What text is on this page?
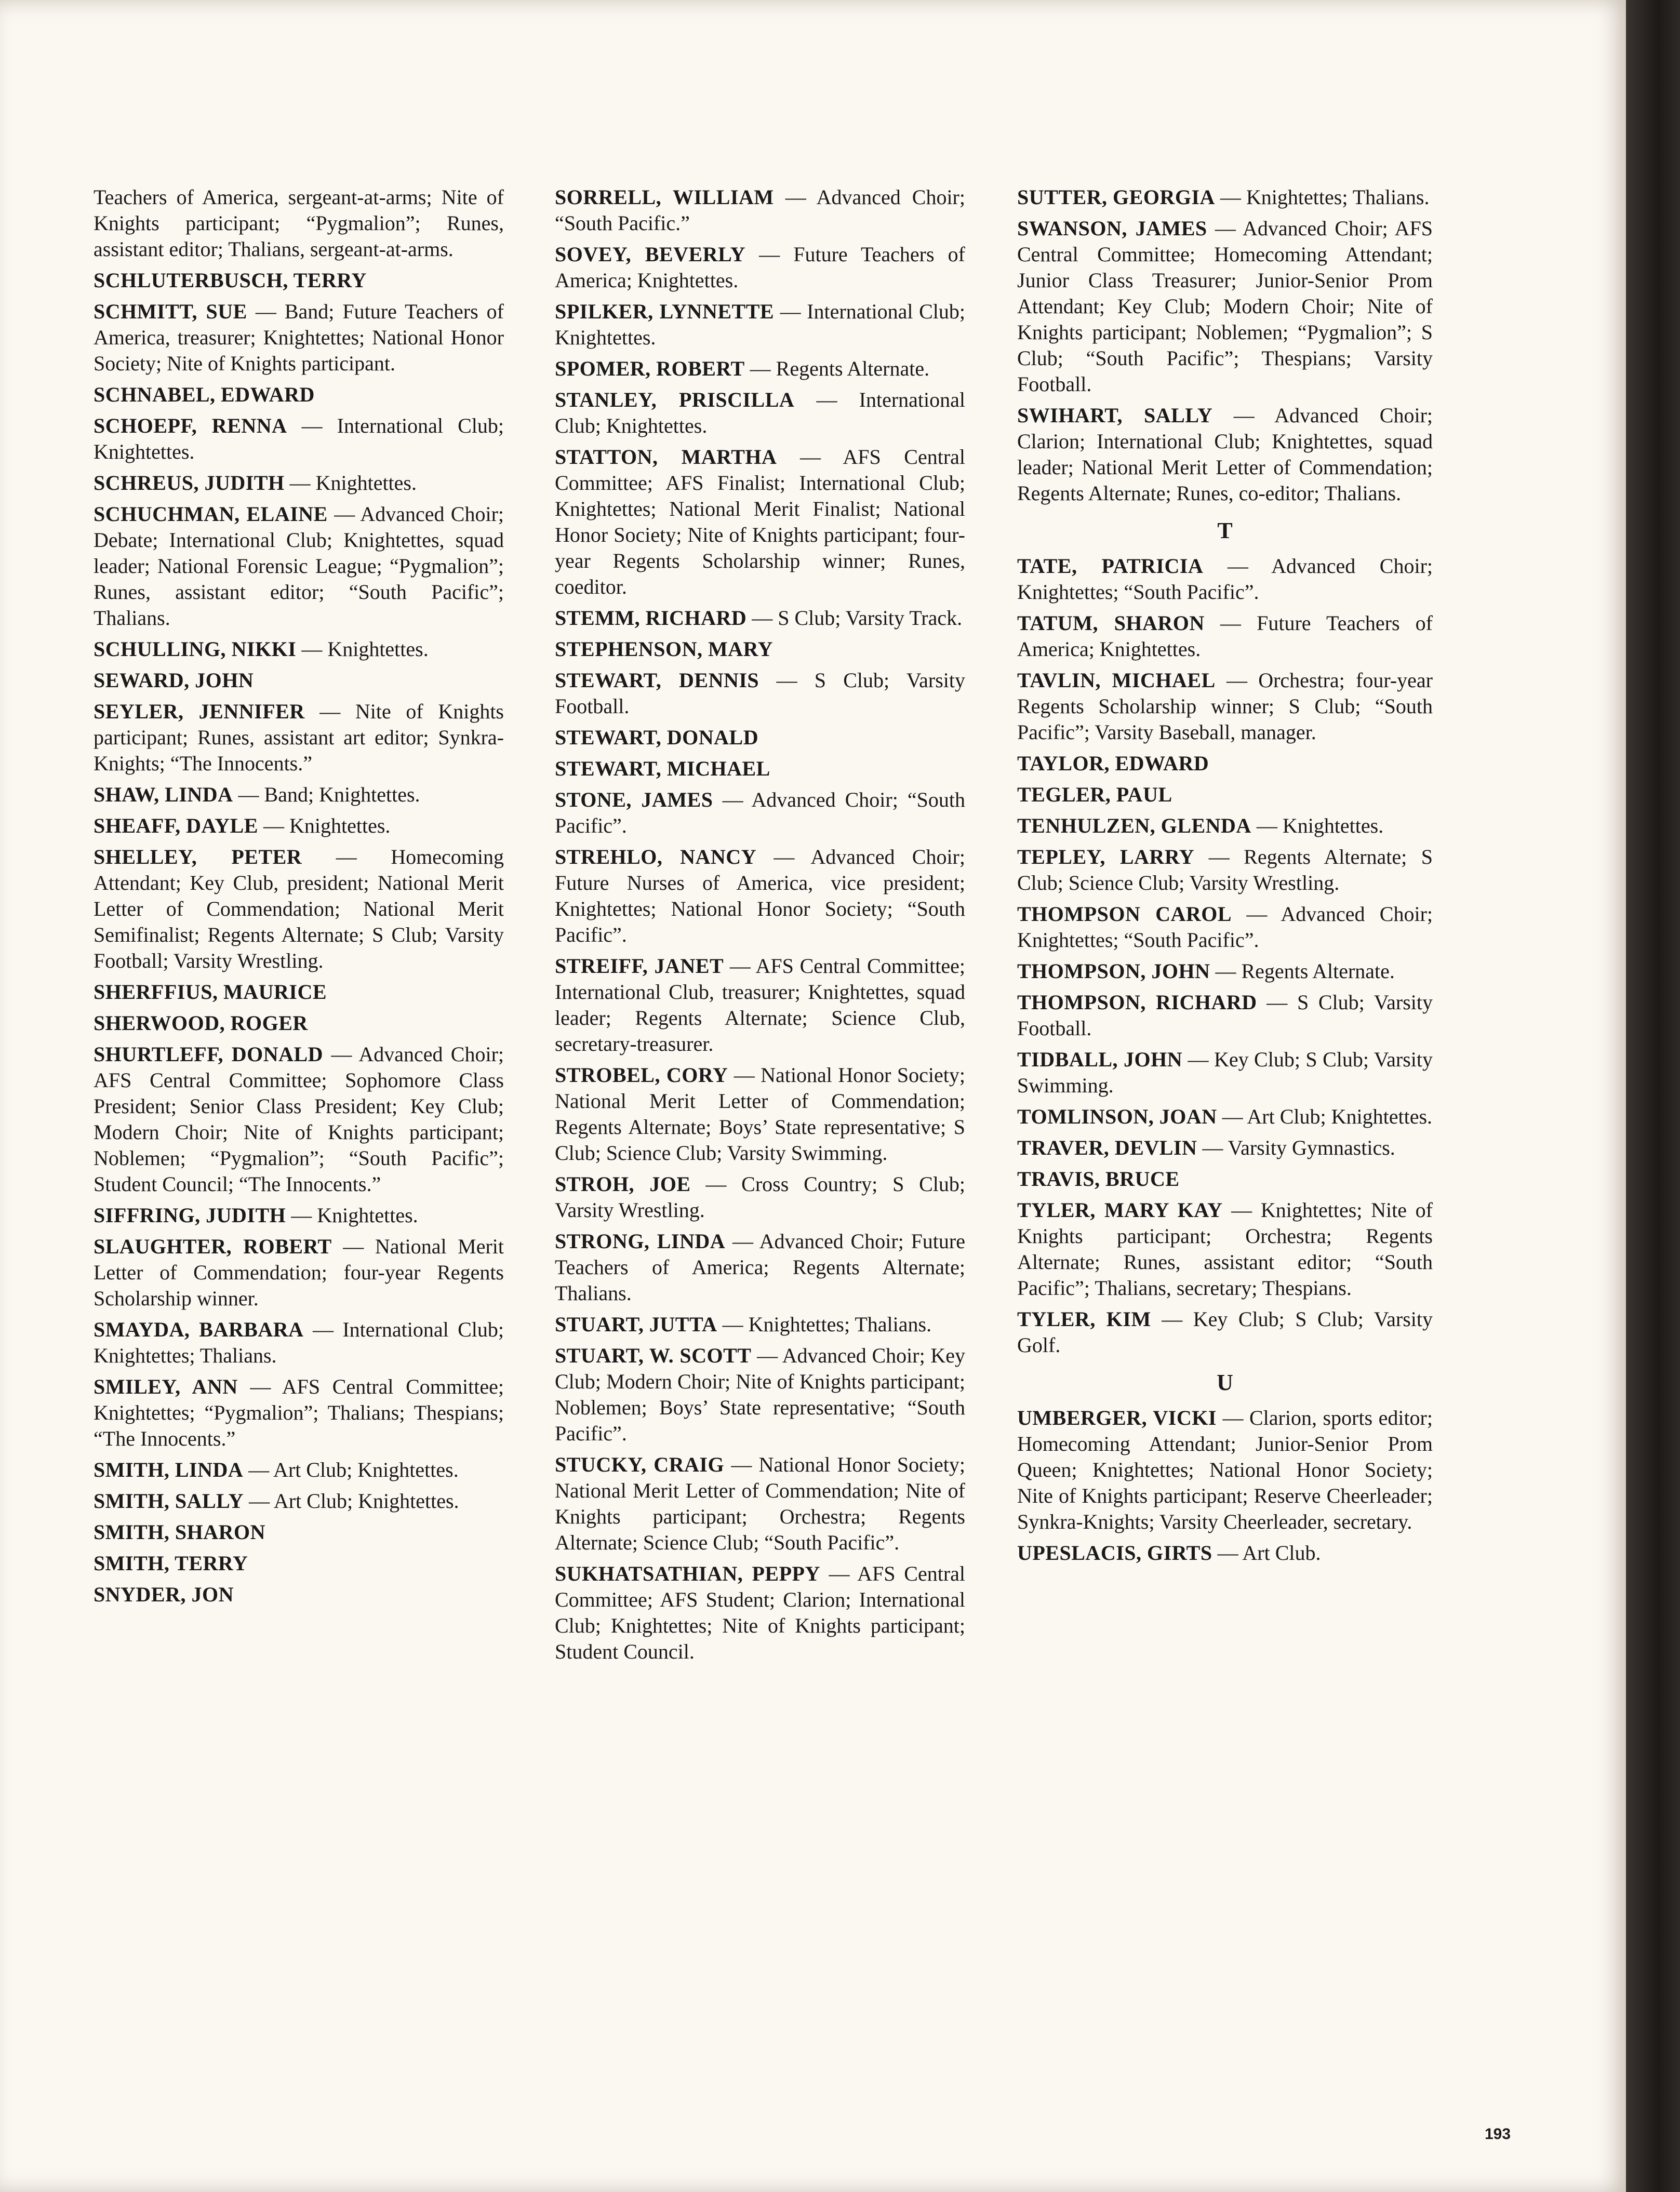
Teachers of America, sergeant-at-arms; Nite of Knights participant; “Pygmalion”; Runes, assistant editor; Thalians, sergeant-at-arms.
SCHLUTERBUSCH, TERRY
SCHMITT, SUE — Band; Future Teachers of America, treasurer; Knightettes; National Honor Society; Nite of Knights participant.
SCHNABEL, EDWARD
SCHOEPF, RENNA — International Club; Knightettes.
SCHREUS, JUDITH — Knightettes.
SCHUCHMAN, ELAINE — Advanced Choir; Debate; International Club; Knightettes, squad leader; National Forensic League; “Pygmalion”; Runes, assistant editor; “South Pacific”; Thalians.
SCHULLING, NIKKI — Knightettes.
SEWARD, JOHN
SEYLER, JENNIFER — Nite of Knights participant; Runes, assistant art editor; Synkra-Knights; “The Innocents.”
SHAW, LINDA — Band; Knightettes.
SHEAFF, DAYLE — Knightettes.
SHELLEY, PETER — Homecoming Attendant; Key Club, president; National Merit Letter of Commendation; National Merit Semifinalist; Regents Alternate; S Club; Varsity Football; Varsity Wrestling.
SHERFFIUS, MAURICE
SHERWOOD, ROGER
SHURTLEFF, DONALD — Advanced Choir; AFS Central Committee; Sophomore Class President; Senior Class President; Key Club; Modern Choir; Nite of Knights participant; Noblemen; “Pygmalion”; “South Pacific”; Student Council; “The Innocents.”
SIFFRING, JUDITH — Knightettes.
SLAUGHTER, ROBERT — National Merit Letter of Commendation; four-year Regents Scholarship winner.
SMAYDA, BARBARA — International Club; Knightettes; Thalians.
SMILEY, ANN — AFS Central Committee; Knightettes; “Pygmalion”; Thalians; Thespians; “The Innocents.”
SMITH, LINDA — Art Club; Knightettes.
SMITH, SALLY — Art Club; Knightettes.
SMITH, SHARON
SMITH, TERRY
SNYDER, JON
SORRELL, WILLIAM — Advanced Choir; “South Pacific.”
SOVEY, BEVERLY — Future Teachers of America; Knightettes.
SPILKER, LYNNETTE — International Club; Knightettes.
SPOMER, ROBERT — Regents Alternate.
STANLEY, PRISCILLA — International Club; Knightettes.
STATTON, MARTHA — AFS Central Committee; AFS Finalist; International Club; Knightettes; National Merit Finalist; National Honor Society; Nite of Knights participant; four-year Regents Scholarship winner; Runes, coeditor.
STEMM, RICHARD — S Club; Varsity Track.
STEPHENSON, MARY
STEWART, DENNIS — S Club; Varsity Football.
STEWART, DONALD
STEWART, MICHAEL
STONE, JAMES — Advanced Choir; “South Pacific”.
STREHLO, NANCY — Advanced Choir; Future Nurses of America, vice president; Knightettes; National Honor Society; “South Pacific”.
STREIFF, JANET — AFS Central Committee; International Club, treasurer; Knightettes, squad leader; Regents Alternate; Science Club, secretary-treasurer.
STROBEL, CORY — National Honor Society; National Merit Letter of Commendation; Regents Alternate; Boys’ State representative; S Club; Science Club; Varsity Swimming.
STROH, JOE — Cross Country; S Club; Varsity Wrestling.
STRONG, LINDA — Advanced Choir; Future Teachers of America; Regents Alternate; Thalians.
STUART, JUTTA — Knightettes; Thalians.
STUART, W. SCOTT — Advanced Choir; Key Club; Modern Choir; Nite of Knights participant; Noblemen; Boys’ State representative; “South Pacific”.
STUCKY, CRAIG — National Honor Society; National Merit Letter of Commendation; Nite of Knights participant; Orchestra; Regents Alternate; Science Club; “South Pacific”.
SUKHATSATHIAN, PEPPY — AFS Central Committee; AFS Student; Clarion; International Club; Knightettes; Nite of Knights participant; Student Council.
SUTTER, GEORGIA — Knightettes; Thalians.
SWANSON, JAMES — Advanced Choir; AFS Central Committee; Homecoming Attendant; Junior Class Treasurer; Junior-Senior Prom Attendant; Key Club; Modern Choir; Nite of Knights participant; Noblemen; “Pygmalion”; S Club; “South Pacific”; Thespians; Varsity Football.
SWIHART, SALLY — Advanced Choir; Clarion; International Club; Knightettes, squad leader; National Merit Letter of Commendation; Regents Alternate; Runes, co-editor; Thalians.
T
TATE, PATRICIA — Advanced Choir; Knightettes; “South Pacific”.
TATUM, SHARON — Future Teachers of America; Knightettes.
TAVLIN, MICHAEL — Orchestra; four-year Regents Scholarship winner; S Club; “South Pacific”; Varsity Baseball, manager.
TAYLOR, EDWARD
TEGLER, PAUL
TENHULZEN, GLENDA — Knightettes.
TEPLEY, LARRY — Regents Alternate; S Club; Science Club; Varsity Wrestling.
THOMPSON CAROL — Advanced Choir; Knightettes; “South Pacific”.
THOMPSON, JOHN — Regents Alternate.
THOMPSON, RICHARD — S Club; Varsity Football.
TIDBALL, JOHN — Key Club; S Club; Varsity Swimming.
TOMLINSON, JOAN — Art Club; Knightettes.
TRAVER, DEVLIN — Varsity Gymnastics.
TRAVIS, BRUCE
TYLER, MARY KAY — Knightettes; Nite of Knights participant; Orchestra; Regents Alternate; Runes, assistant editor; “South Pacific”; Thalians, secretary; Thespians.
TYLER, KIM — Key Club; S Club; Varsity Golf.
U
UMBERGER, VICKI — Clarion, sports editor; Homecoming Attendant; Junior-Senior Prom Queen; Knightettes; National Honor Society; Nite of Knights participant; Reserve Cheerleader; Synkra-Knights; Varsity Cheerleader, secretary.
UPESLACIS, GIRTS — Art Club.
193
